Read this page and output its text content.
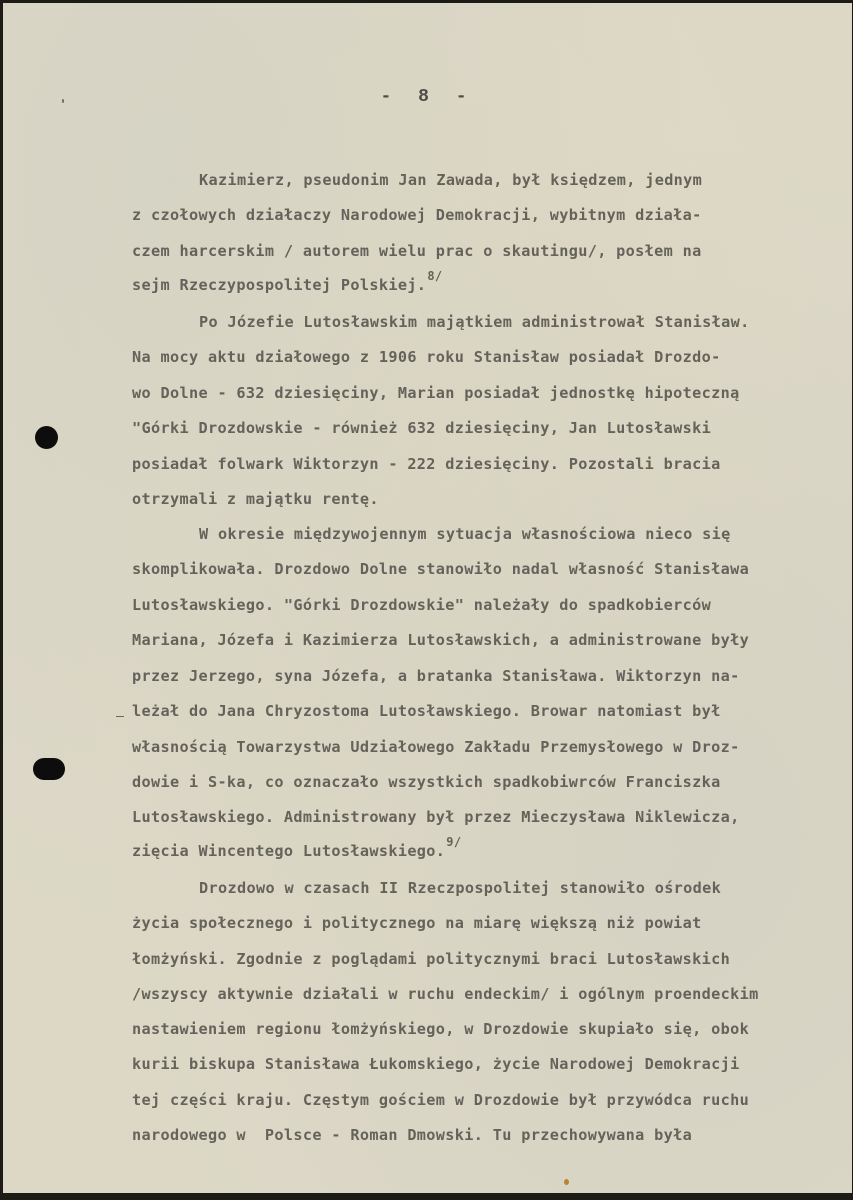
- 8 -
Kazimierz, pseudonim Jan Zawada, był księdzem, jednym
z czołowych działaczy Narodowej Demokracji, wybitnym działa-
czem harcerskim / autorem wielu prac o skautingu/, posłem na
sejm Rzeczypospolitej Polskiej.$^{8/}$
Po Józefie Lutosławskim majątkiem administrował Stanisław.
Na mocy aktu działowego z 1906 roku Stanisław posiadał Drozdo-
wo Dolne - 632 dziesięciny, Marian posiadał jednostkę hipoteczną
"Górki Drozdowskie - również 632 dziesięciny, Jan Lutosławski
posiadał folwark Wiktorzyn - 222 dziesięciny. Pozostali bracia
otrzymali z majątku rentę.
W okresie międzywojennym sytuacja własnościowa nieco się
skomplikowała. Drozdowo Dolne stanowiło nadal własność Stanisława
Lutosławskiego. "Górki Drozdowskie" należały do spadkobierców
Mariana, Józefa i Kazimierza Lutosławskich, a administrowane były
przez Jerzego, syna Józefa, a bratanka Stanisława. Wiktorzyn na-
leżał do Jana Chryzostoma Lutosławskiego. Browar natomiast był
własnością Towarzystwa Udziałowego Zakładu Przemysłowego w Droz-
dowie i S-ka, co oznaczało wszystkich spadkobiwrców Franciszka
Lutosławskiego. Administrowany był przez Mieczysława Niklewicza,
zięcia Wincentego Lutosławskiego.$^{9/}$
Drozdowo w czasach II Rzeczpospolitej stanowiło ośrodek
życia społecznego i politycznego na miarę większą niż powiat
łomżyński. Zgodnie z poglądami politycznymi braci Lutosławskich
/wszyscy aktywnie działali w ruchu endeckim/ i ogólnym proendeckim
nastawieniem regionu łomżyńskiego, w Drozdowie skupiało się, obok
kurii biskupa Stanisława Łukomskiego, życie Narodowej Demokracji
tej części kraju. Częstym gościem w Drozdowie był przywódca ruchu
narodowego w  Polsce - Roman Dmowski. Tu przechowywana była
